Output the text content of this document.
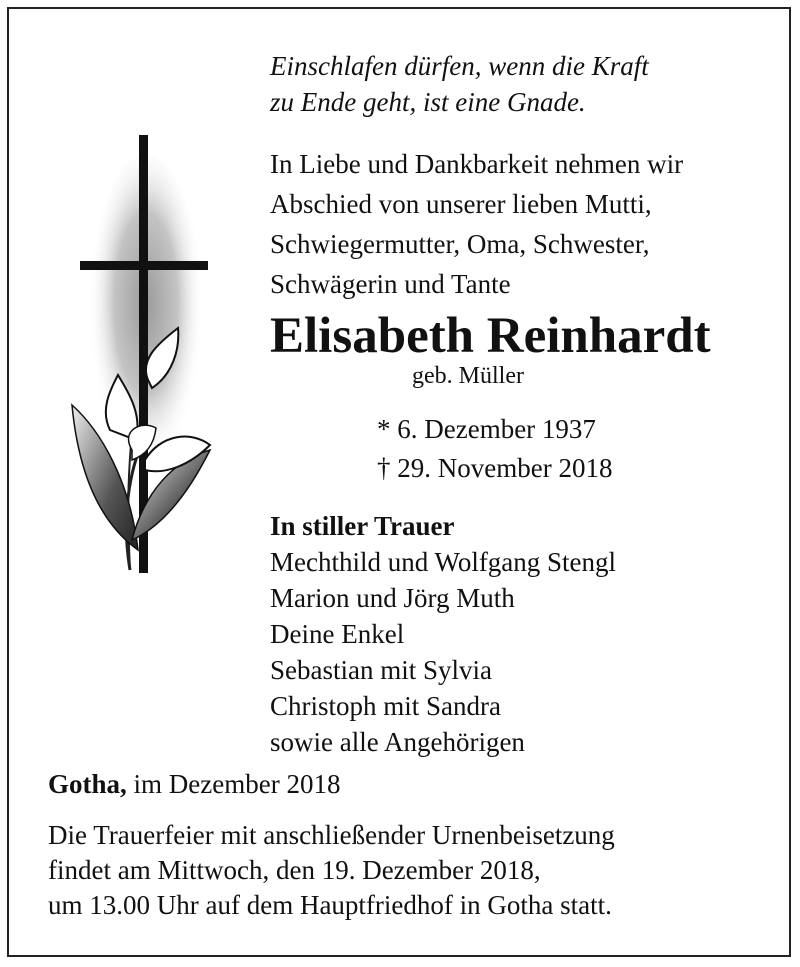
Einschlafen dürfen, wenn die Kraft
zu Ende geht, ist eine Gnade.
In Liebe und Dankbarkeit nehmen wir
Abschied von unserer lieben Mutti,
Schwiegermutter, Oma, Schwester,
Schwägerin und Tante
Elisabeth Reinhardt
geb. Müller
* 6. Dezember 1937
† 29. November 2018
In stiller Trauer
Mechthild und Wolfgang Stengl
Marion und Jörg Muth
Deine Enkel
Sebastian mit Sylvia
Christoph mit Sandra
sowie alle Angehörigen
Gotha, im Dezember 2018
Die Trauerfeier mit anschließender Urnenbeisetzung
findet am Mittwoch, den 19. Dezember 2018,
um 13.00 Uhr auf dem Hauptfriedhof in Gotha statt.
